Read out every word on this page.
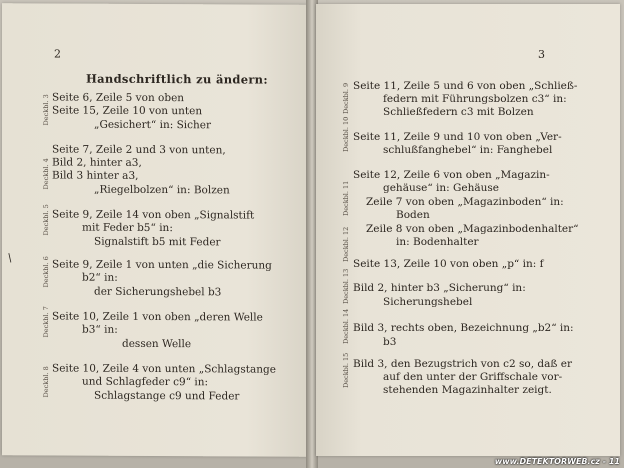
2
Handschriftlich zu ändern:
Seite 6, Zeile 5 von oben
Seite 15, Zeile 10 von unten
„Gesichert“ in: Sicher
Seite 7, Zeile 2 und 3 von unten,
Bild 2, hinter a3,
Bild 3 hinter a3,
„Riegelbolzen“ in: Bolzen
Seite 9, Zeile 14 von oben „Signalstift
mit Feder b5“ in:
Signalstift b5 mit Feder
Seite 9, Zeile 1 von unten „die Sicherung
b2“ in:
der Sicherungshebel b3
Seite 10, Zeile 1 von oben „deren Welle
b3“ in:
dessen Welle
Seite 10, Zeile 4 von unten „Schlagstange
und Schlagfeder c9“ in:
Schlagstange c9 und Feder
Deckbl. 3
Deckbl. 4
Deckbl. 5
Deckbl. 6
Deckbl. 7
Deckbl. 8
/
3
Seite 11, Zeile 5 und 6 von oben „Schließ-
federn mit Führungsbolzen c3“ in:
Schließfedern c3 mit Bolzen
Seite 11, Zeile 9 und 10 von oben „Ver-
schlußfanghebel“ in: Fanghebel
Seite 12, Zeile 6 von oben „Magazin-
gehäuse“ in: Gehäuse
Zeile 7 von oben „Magazinboden“ in:
Boden
Zeile 8 von oben „Magazinbodenhalter“
in: Bodenhalter
Seite 13, Zeile 10 von oben „p“ in: f
Bild 2, hinter b3 „Sicherung“ in:
Sicherungshebel
Bild 3, rechts oben, Bezeichnung „b2“ in:
b3
Bild 3, den Bezugstrich von c2 so, daß er
auf den unter der Griffschale vor-
stehenden Magazinhalter zeigt.
Deckbl. 9
Deckbl. 10
Deckbl. 11
Deckbl. 12
Deckbl. 13
Deckbl. 14
Deckbl. 15
www.DETEKTORWEB.cz - 11
